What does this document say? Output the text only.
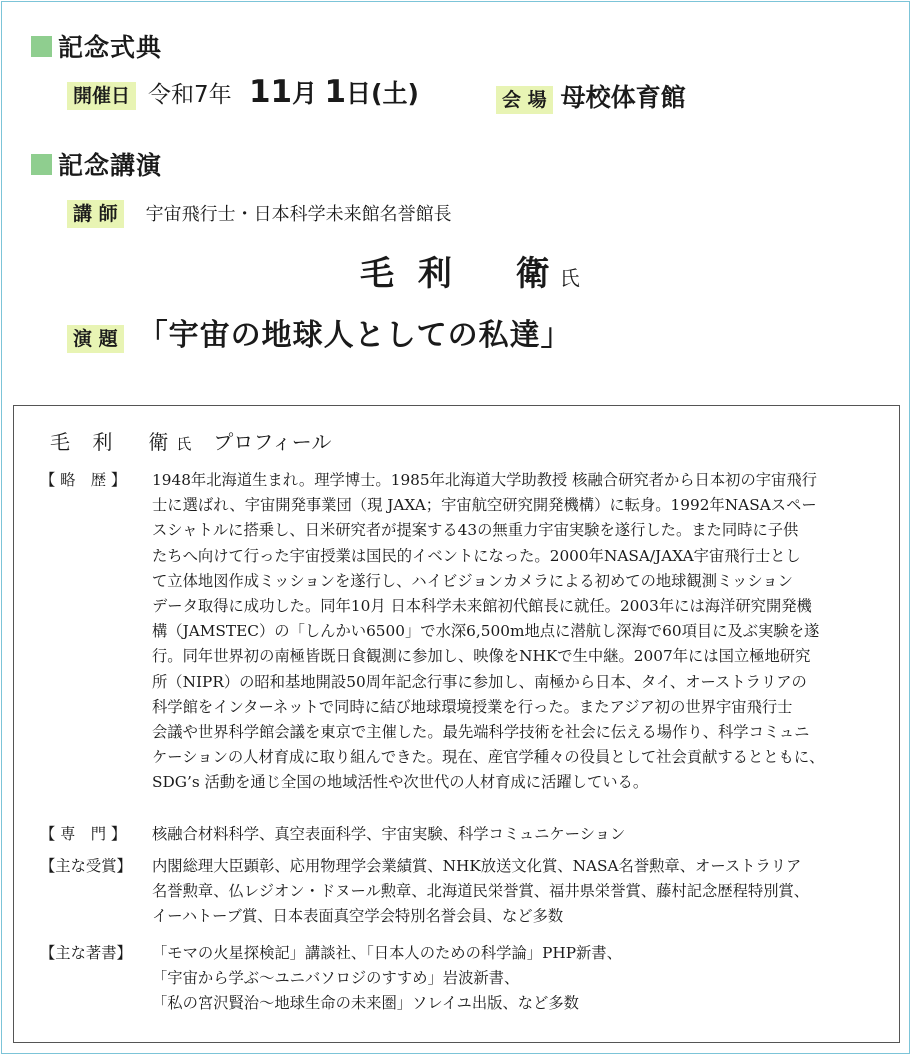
記念式典
開催日 令和7年 11月 1日(土)	会 場 母校体育館
記念講演
講 師	宇宙飛行士・日本科学未来館名誉館長
毛 利　 衛 氏
演 題 「宇宙の地球人としての私達」
毛 利　衛氏 プロフィール
【 略　歴 】	1948年北海道生まれ。理学博士。1985年北海道大学助教授 核融合研究者から日本初の宇宙飛行
士に選ばれ、宇宙開発事業団（現 JAXA；宇宙航空研究開発機構）に転身。1992年NASAスペー
スシャトルに搭乗し、日米研究者が提案する43の無重力宇宙実験を遂行した。また同時に子供
たちへ向けて行った宇宙授業は国民的イベントになった。2000年NASA/JAXA宇宙飛行士とし
て立体地図作成ミッションを遂行し、ハイビジョンカメラによる初めての地球観測ミッション
データ取得に成功した。同年10月 日本科学未来館初代館長に就任。2003年には海洋研究開発機
構（JAMSTEC）の「しんかい6500」で水深6,500m地点に潜航し深海で60項目に及ぶ実験を遂
行。同年世界初の南極皆既日食観測に参加し、映像をNHKで生中継。2007年には国立極地研究
所（NIPR）の昭和基地開設50周年記念行事に参加し、南極から日本、タイ、オーストラリアの
科学館をインターネットで同時に結び地球環境授業を行った。またアジア初の世界宇宙飛行士
会議や世界科学館会議を東京で主催した。最先端科学技術を社会に伝える場作り、科学コミュニ
ケーションの人材育成に取り組んできた。現在、産官学種々の役員として社会貢献するとともに、
SDG’s 活動を通じ全国の地域活性や次世代の人材育成に活躍している。
【 専　門 】	核融合材料科学、真空表面科学、宇宙実験、科学コミュニケーション
【主な受賞】	内閣総理大臣顕彰、応用物理学会業績賞、NHK放送文化賞、NASA名誉勲章、オーストラリア
名誉勲章、仏レジオン・ドヌール勲章、北海道民栄誉賞、福井県栄誉賞、藤村記念歴程特別賞、
イーハトーブ賞、日本表面真空学会特別名誉会員、など多数
【主な著書】	「モマの火星探検記」講談社、「日本人のための科学論」PHP新書、
「宇宙から学ぶ～ユニバソロジのすすめ」岩波新書、
「私の宮沢賢治～地球生命の未来圏」ソレイユ出版、など多数
